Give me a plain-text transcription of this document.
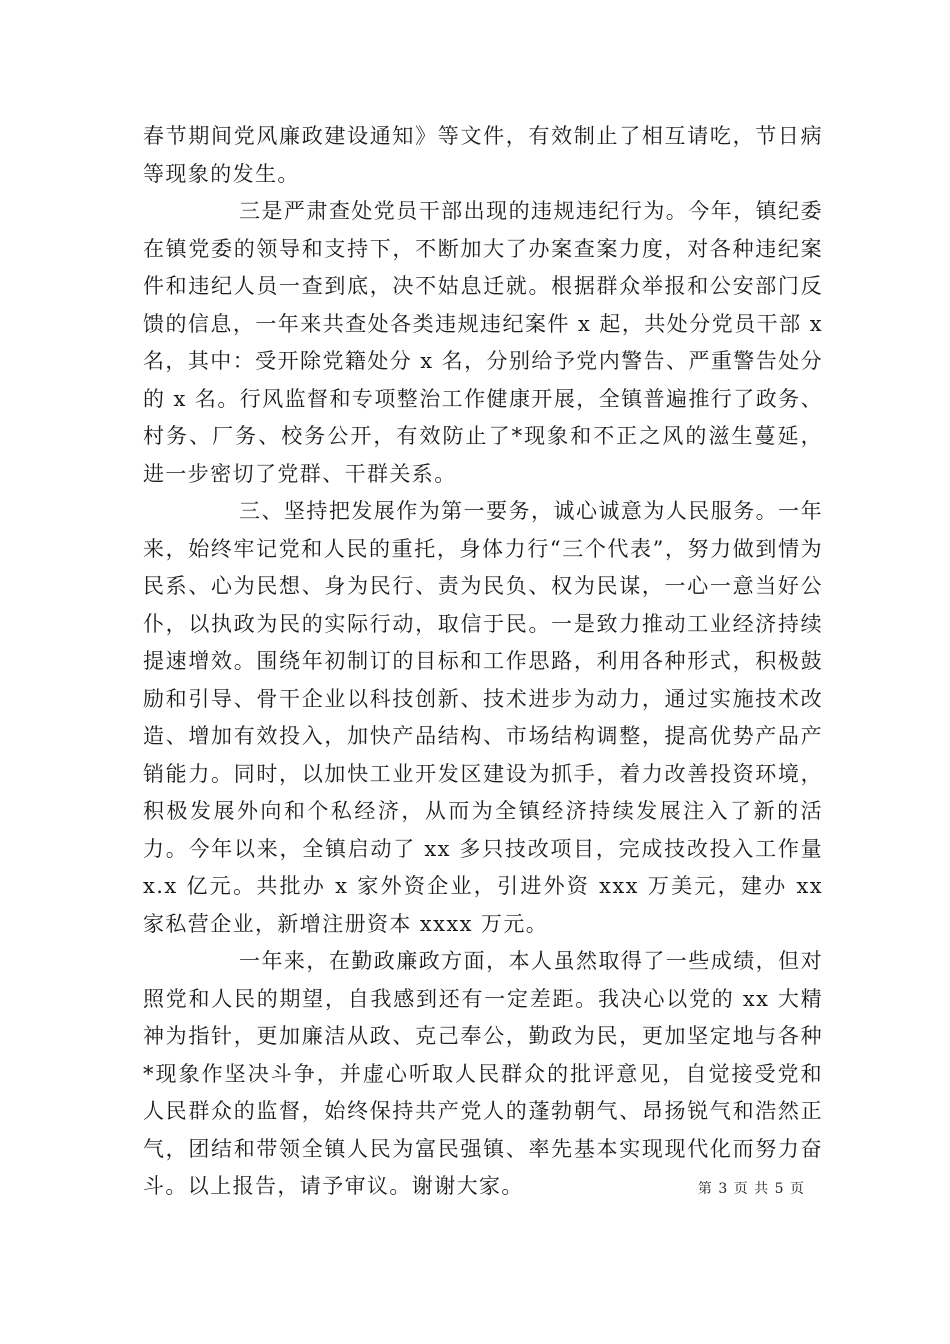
春节期间党风廉政建设通知》等文件，有效制止了相互请吃，节日病等现象的发生。

三是严肃查处党员干部出现的违规违纪行为。今年，镇纪委在镇党委的领导和支持下，不断加大了办案查案力度，对各种违纪案件和违纪人员一查到底，决不姑息迁就。根据群众举报和公安部门反馈的信息，一年来共查处各类违规违纪案件 x 起，共处分党员干部 x 名，其中：受开除党籍处分 x 名，分别给予党内警告、严重警告处分的 x 名。行风监督和专项整治工作健康开展，全镇普遍推行了政务、村务、厂务、校务公开，有效防止了*现象和不正之风的滋生蔓延，进一步密切了党群、干群关系。

三、坚持把发展作为第一要务，诚心诚意为人民服务。一年来，始终牢记党和人民的重托，身体力行“三个代表”，努力做到情为民系、心为民想、身为民行、责为民负、权为民谋，一心一意当好公仆，以执政为民的实际行动，取信于民。一是致力推动工业经济持续提速增效。围绕年初制订的目标和工作思路，利用各种形式，积极鼓励和引导、骨干企业以科技创新、技术进步为动力，通过实施技术改造、增加有效投入，加快产品结构、市场结构调整，提高优势产品产销能力。同时，以加快工业开发区建设为抓手，着力改善投资环境，积极发展外向和个私经济，从而为全镇经济持续发展注入了新的活力。今年以来，全镇启动了 xx 多只技改项目，完成技改投入工作量 x.x 亿元。共批办 x 家外资企业，引进外资 xxx 万美元，建办 xx 家私营企业，新增注册资本 xxxx 万元。

一年来，在勤政廉政方面，本人虽然取得了一些成绩，但对照党和人民的期望，自我感到还有一定差距。我决心以党的 xx 大精神为指针，更加廉洁从政、克己奉公，勤政为民，更加坚定地与各种*现象作坚决斗争，并虚心听取人民群众的批评意见，自觉接受党和人民群众的监督，始终保持共产党人的蓬勃朝气、昂扬锐气和浩然正气，团结和带领全镇人民为富民强镇、率先基本实现现代化而努力奋斗。以上报告，请予审议。谢谢大家。	第 3 页 共 5 页
